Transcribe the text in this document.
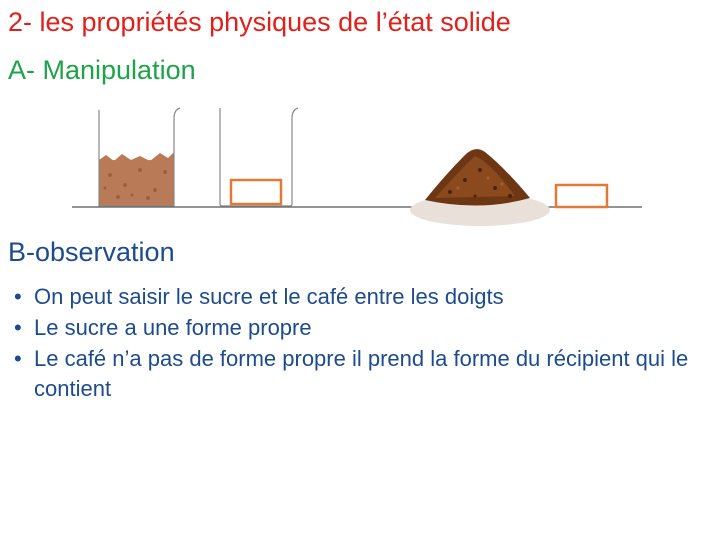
2- les propriétés physiques de l’état solide
A- Manipulation
B-observation
• On peut saisir le sucre et le café entre les doigts
• Le sucre a une forme propre
• Le café n’a pas de forme propre il prend la forme du récipient qui le contient
